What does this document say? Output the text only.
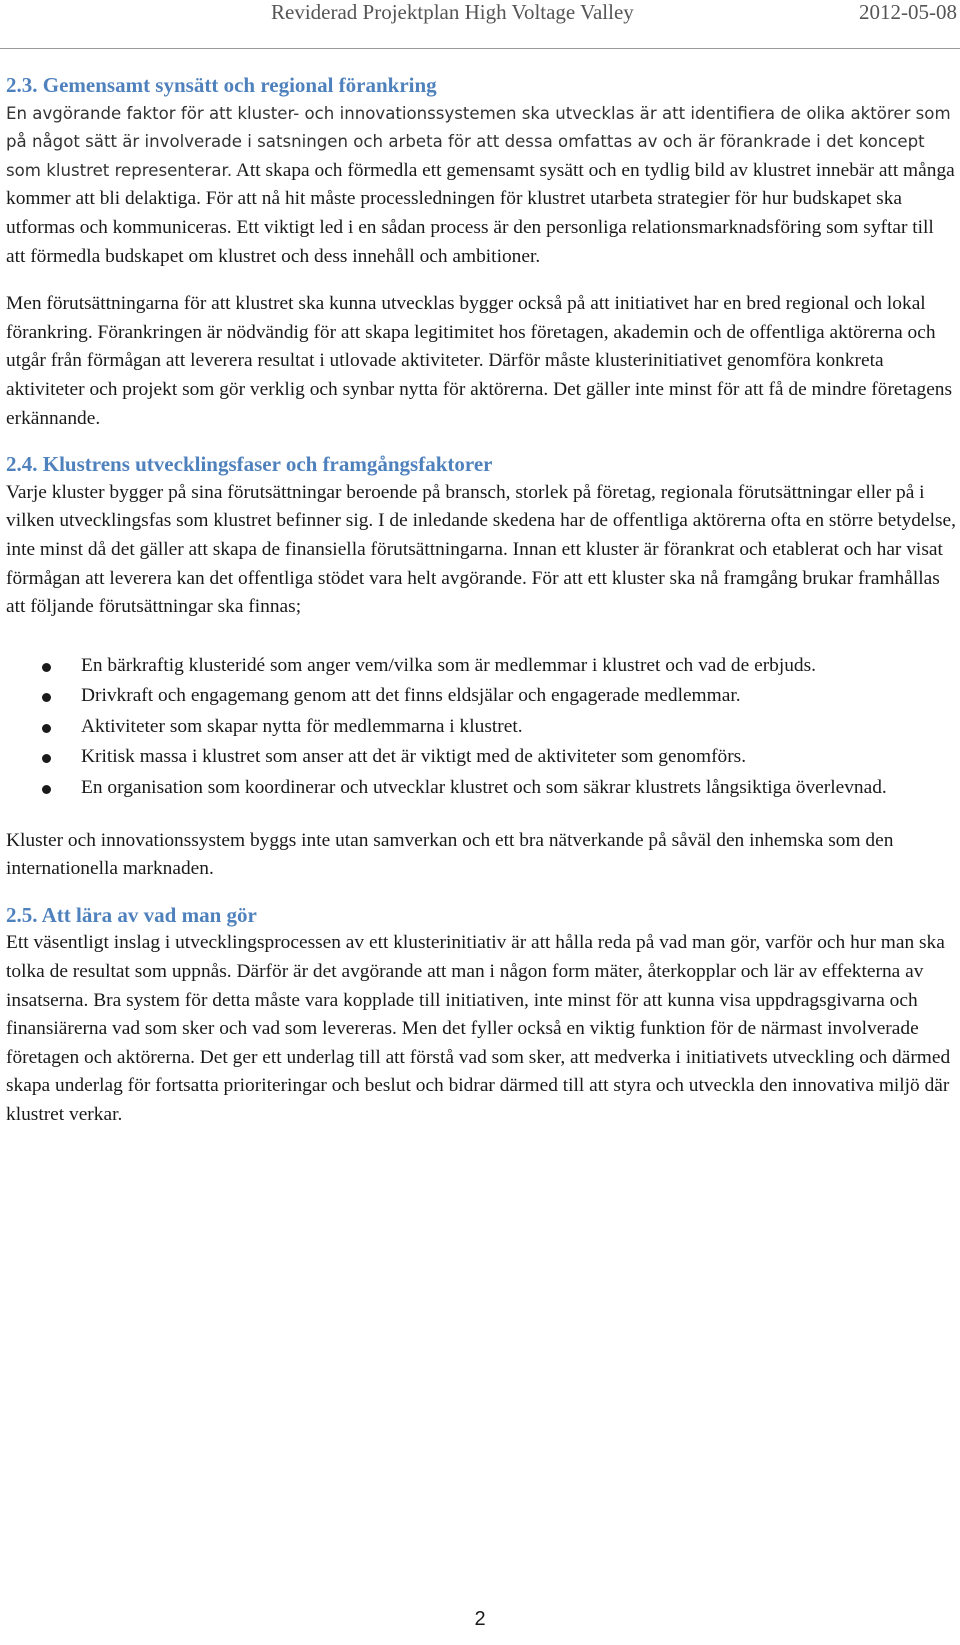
Reviderad Projektplan High Voltage Valley	2012-05-08
2.3. Gemensamt synsätt och regional förankring

En avgörande faktor för att kluster- och innovationssystemen ska utvecklas är att identifiera de olika aktörer som på något sätt är involverade i satsningen och arbeta för att dessa omfattas av och är förankrade i det koncept som klustret representerar. Att skapa och förmedla ett gemensamt sysätt och en tydlig bild av klustret innebär att många kommer att bli delaktiga. För att nå hit måste processledningen för klustret utarbeta strategier för hur budskapet ska utformas och kommuniceras. Ett viktigt led i en sådan process är den personliga relationsmarknadsföring som syftar till att förmedla budskapet om klustret och dess innehåll och ambitioner.

Men förutsättningarna för att klustret ska kunna utvecklas bygger också på att initiativet har en bred regional och lokal förankring. Förankringen är nödvändig för att skapa legitimitet hos företagen, akademin och de offentliga aktörerna och utgår från förmågan att leverera resultat i utlovade aktiviteter. Därför måste klusterinitiativet genomföra konkreta aktiviteter och projekt som gör verklig och synbar nytta för aktörerna. Det gäller inte minst för att få de mindre företagens erkännande.

2.4. Klustrens utvecklingsfaser och framgångsfaktorer

Varje kluster bygger på sina förutsättningar beroende på bransch, storlek på företag, regionala förutsättningar eller på i vilken utvecklingsfas som klustret befinner sig. I de inledande skedena har de offentliga aktörerna ofta en större betydelse, inte minst då det gäller att skapa de finansiella förutsättningarna. Innan ett kluster är förankrat och etablerat och har visat förmågan att leverera kan det offentliga stödet vara helt avgörande. För att ett kluster ska nå framgång brukar framhållas att följande förutsättningar ska finnas;

En bärkraftig klusteridé som anger vem/vilka som är medlemmar i klustret och vad de erbjuds.
Drivkraft och engagemang genom att det finns eldsjälar och engagerade medlemmar.
Aktiviteter som skapar nytta för medlemmarna i klustret.
Kritisk massa i klustret som anser att det är viktigt med de aktiviteter som genomförs.
En organisation som koordinerar och utvecklar klustret och som säkrar klustrets långsiktiga överlevnad.

Kluster och innovationssystem byggs inte utan samverkan och ett bra nätverkande på såväl den inhemska som den internationella marknaden.

2.5. Att lära av vad man gör

Ett väsentligt inslag i utvecklingsprocessen av ett klusterinitiativ är att hålla reda på vad man gör, varför och hur man ska tolka de resultat som uppnås. Därför är det avgörande att man i någon form mäter, återkopplar och lär av effekterna av insatserna. Bra system för detta måste vara kopplade till initiativen, inte minst för att kunna visa uppdragsgivarna och finansiärerna vad som sker och vad som levereras. Men det fyller också en viktig funktion för de närmast involverade företagen och aktörerna. Det ger ett underlag till att förstå vad som sker, att medverka i initiativets utveckling och därmed skapa underlag för fortsatta prioriteringar och beslut och bidrar därmed till att styra och utveckla den innovativa miljö där klustret verkar.

2
